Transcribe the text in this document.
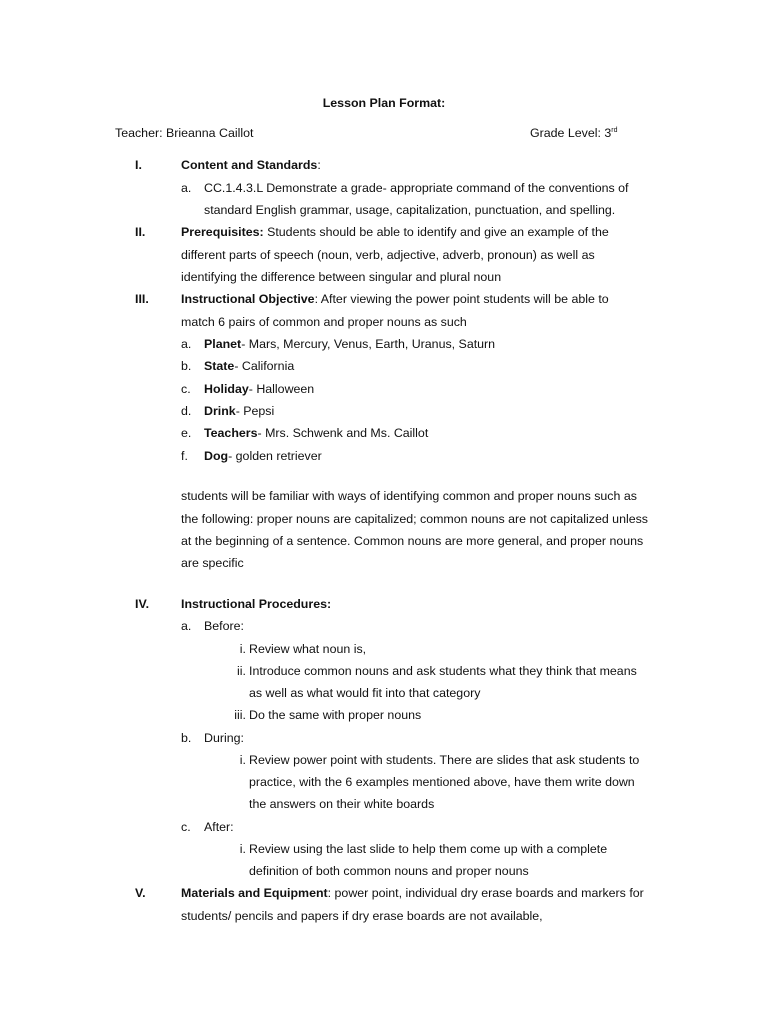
Lesson Plan Format:
Teacher: Brieanna Caillot	Grade Level: 3rd
I.	Content and Standards:
a. CC.1.4.3.L Demonstrate a grade- appropriate command of the conventions of
standard English grammar, usage, capitalization, punctuation, and spelling.
II.	Prerequisites: Students should be able to identify and give an example of the
different parts of speech (noun, verb, adjective, adverb, pronoun) as well as
identifying the difference between singular and plural noun
III.	Instructional Objective: After viewing the power point students will be able to
match 6 pairs of common and proper nouns as such
a. Planet- Mars, Mercury, Venus, Earth, Uranus, Saturn
b. State- California
c. Holiday- Halloween
d. Drink- Pepsi
e. Teachers- Mrs. Schwenk and Ms. Caillot
f. Dog- golden retriever
students will be familiar with ways of identifying common and proper nouns such as
the following: proper nouns are capitalized; common nouns are not capitalized unless
at the beginning of a sentence. Common nouns are more general, and proper nouns
are specific
IV.	Instructional Procedures:
a. Before:
i. Review what noun is,
ii. Introduce common nouns and ask students what they think that means
as well as what would fit into that category
iii. Do the same with proper nouns
b. During:
i. Review power point with students. There are slides that ask students to
practice, with the 6 examples mentioned above, have them write down
the answers on their white boards
c. After:
i. Review using the last slide to help them come up with a complete
definition of both common nouns and proper nouns
V.	Materials and Equipment: power point, individual dry erase boards and markers for
students/ pencils and papers if dry erase boards are not available,
